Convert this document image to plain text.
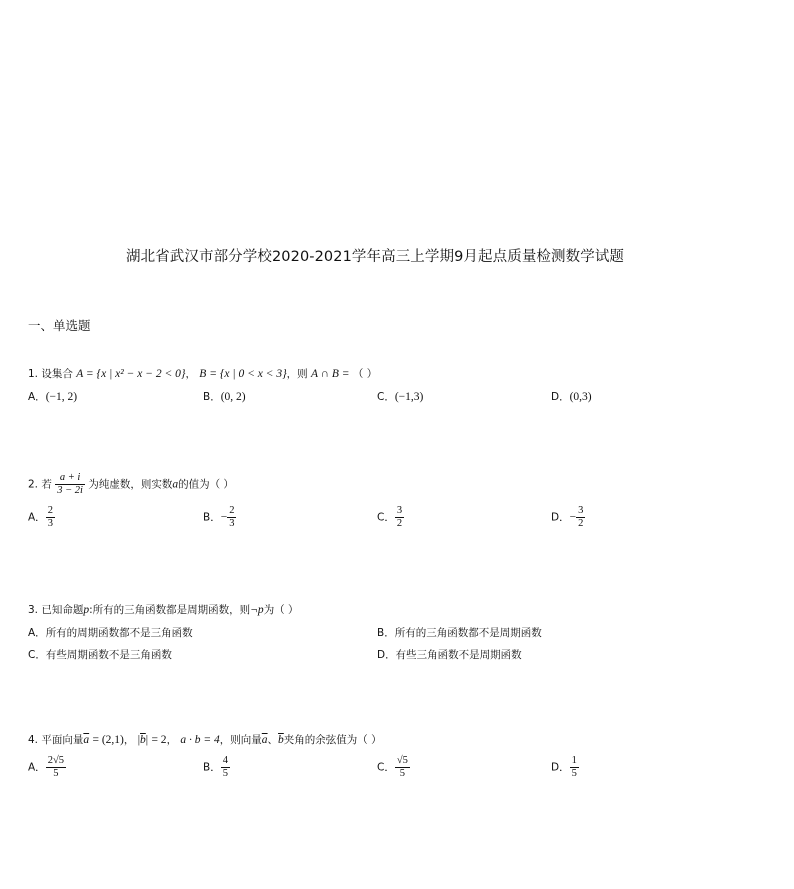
湖北省武汉市部分学校2020-2021学年高三上学期9月起点质量检测数学试题
一、单选题
1. 设集合 A = {x | x² − x − 2 < 0}， B = {x | 0 < x < 3}，则 A ∩ B = （ ）
A．(−1, 2)	B．(0, 2)	C．(−1,3)	D．(0,3)
2. 若 $\frac{a + i}{3 - 2i}$ 为纯虚数，则实数a的值为（ ）
A． $\frac{2}{3}$	B．− $\frac{2}{3}$	C． $\frac{3}{2}$	D．− $\frac{3}{2}$
3. 已知命题p:所有的三角函数都是周期函数，则¬p为（ ）
A．所有的周期函数都不是三角函数	B．所有的三角函数都不是周期函数
C．有些周期函数不是三角函数	D．有些三角函数不是周期函数
4. 平面向量$\overline{a} = (2,1)$， $|\overline{b}| = 2$， a · b = 4，则向量$\overline{a}$、$\overline{b}$夹角的余弦值为（ ）
A． $\frac{2√5}{5}$	B． $\frac{4}{5}$	C． $\frac{√5}{5}$	D． $\frac{1}{5}$
